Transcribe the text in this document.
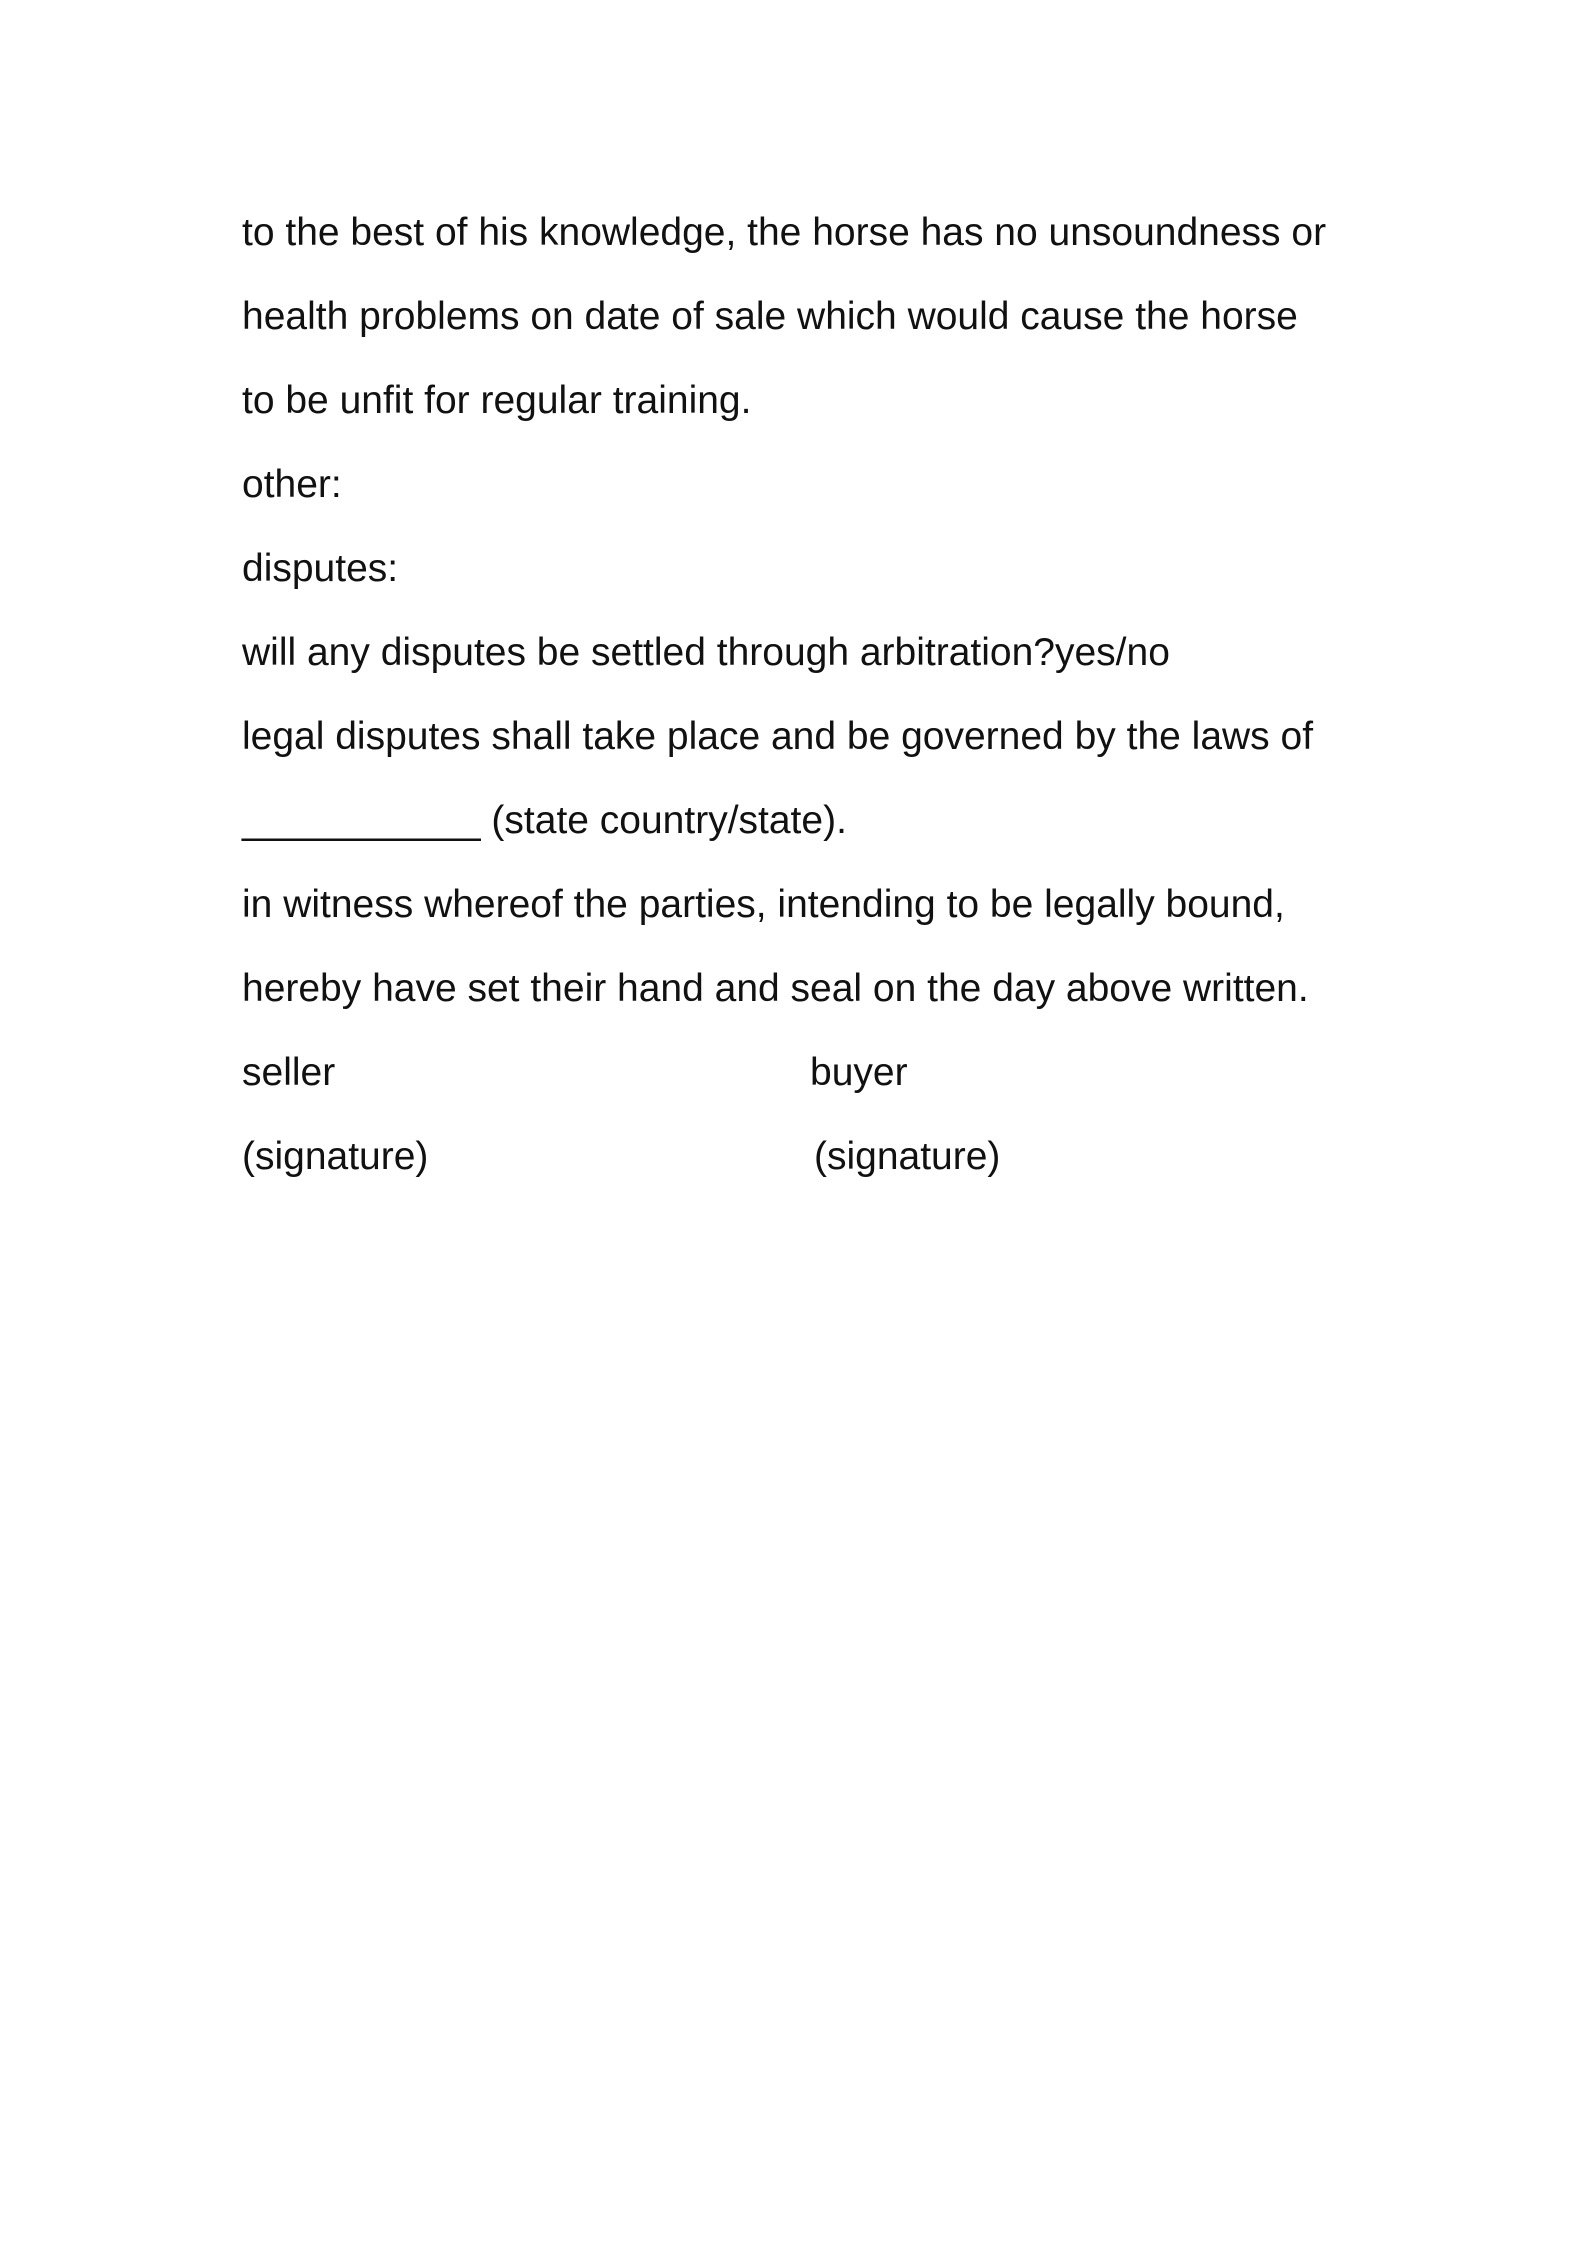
to the best of his knowledge, the horse has no unsoundness or
health problems on date of sale which would cause the horse
to be unfit for regular training.
other:
disputes:
will any disputes be settled through arbitration?yes/no
legal disputes shall take place and be governed by the laws of
___________ (state country/state).
in witness whereof the parties, intending to be legally bound,
hereby have set their hand and seal on the day above written.
seller	buyer
(signature)	(signature)
